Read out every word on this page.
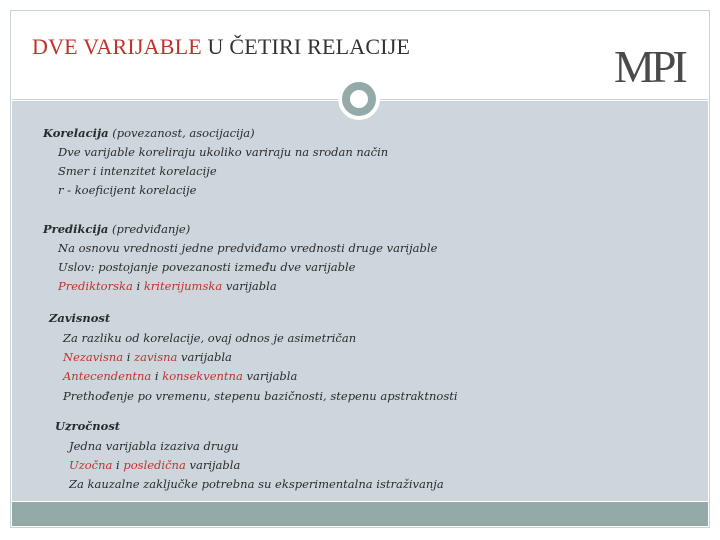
DVE VARIJABLE U ČETIRI RELACIJE	MPI
Korelacija (povezanost, asocijacija)
Dve varijable koreliraju ukoliko variraju na srodan način
Smer i intenzitet korelacije
r - koeficijent korelacije
Predikcija (predviđanje)
Na osnovu vrednosti jedne predviđamo vrednosti druge varijable
Uslov: postojanje povezanosti između dve varijable
Prediktorska i kriterijumska varijabla
Zavisnost
Za razliku od korelacije, ovaj odnos je asimetričan
Nezavisna i zavisna varijabla
Antecendentna i konsekventna varijabla
Prethođenje po vremenu, stepenu bazičnosti, stepenu apstraktnosti
Uzročnost
Jedna varijabla izaziva drugu
Uzočna i posledična varijabla
Za kauzalne zaključke potrebna su eksperimentalna istraživanja
